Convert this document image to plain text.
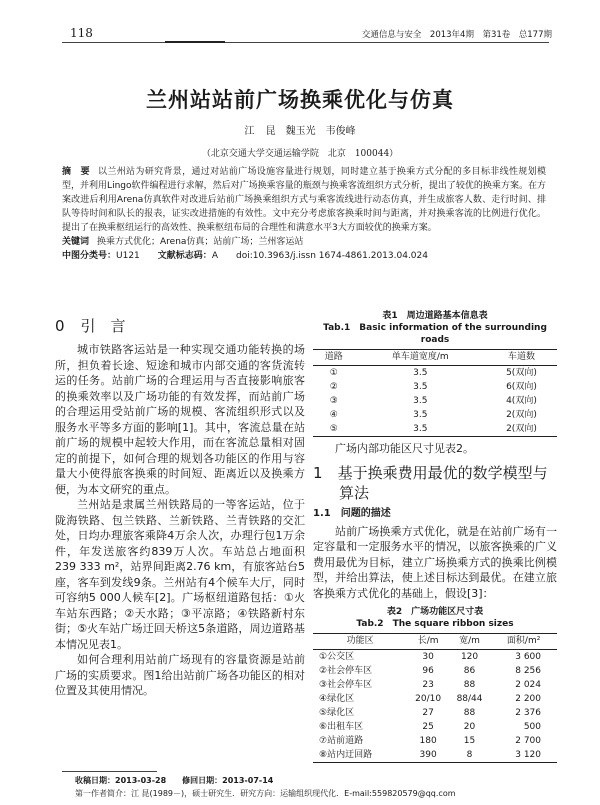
118	交通信息与安全　2013年4期　第31卷　总177期
兰州站站前广场换乘优化与仿真
江 昆　魏玉光　韦俊峰
（北京交通大学交通运输学院　北京　100044）
摘　要 以兰州站为研究背景，通过对站前广场设施容量进行规划，同时建立基于换乘方式分配的多目标非线性规划模型，并利用Lingo软件编程进行求解，然后对广场换乘容量的瓶颈与换乘客流组织方式分析，提出了较优的换乘方案。在方案改进后利用Arena仿真软件对改进后站前广场换乘组织方式与乘客流线进行动态仿真，并生成旅客人数、走行时间、排队等待时间和队长的报表，证实改进措施的有效性。文中充分考虑旅客换乘时间与距离，并对换乘客流的比例进行优化。提出了在换乘枢纽运行的高效性、换乘枢纽布局的合理性和满意水平3大方面较优的换乘方案。
关键词 换乘方式优化；Arena仿真；站前广场；兰州客运站
中图分类号：U121　　 文献标志码：A　　 doi:10.3963/j.issn 1674-4861.2013.04.024
0 引　言

城市铁路客运站是一种实现交通功能转换的场所，担负着长途、短途和城市内部交通的客货流转运的任务。站前广场的合理运用与否直接影响旅客的换乘效率以及广场功能的有效发挥，而站前广场的合理运用受站前广场的规模、客流组织形式以及服务水平等多方面的影响[1]。其中，客流总量在站前广场的规模中起较大作用，而在客流总量相对固定的前提下，如何合理的规划各功能区的作用与容量大小使得旅客换乘的时间短、距离近以及换乘方便，为本文研究的重点。

兰州站是隶属兰州铁路局的一等客运站，位于陇海铁路、包兰铁路、兰新铁路、兰青铁路的交汇处，日均办理旅客乘降4万余人次，办理行包1万余件，年发送旅客约839万人次。车站总占地面积239 333 m²，站界间距离2.76 km，有旅客站台5座，客车到发线9条。兰州站有4个候车大厅，同时可容纳5 000人候车[2]。广场枢纽道路包括：①火车站东西路；②天水路；③平凉路；④铁路新村东街；⑤火车站广场迂回天桥这5条道路，周边道路基本情况见表1。

如何合理利用站前广场现有的容量资源是站前广场的实质要求。图1给出站前广场各功能区的相对位置及其使用情况。

表1　周边道路基本信息表
Tab.1　Basic information of the surrounding roads
道路	单车道宽度/m	车道数
①	3.5	5(双向)
②	3.5	6(双向)
③	3.5	4(双向)
④	3.5	2(双向)
⑤	3.5	2(双向)

广场内部功能区尺寸见表2。

1　 基于换乘费用最优的数学模型与算法
1.1　 问题的描述

站前广场换乘方式优化，就是在站前广场有一定容量和一定服务水平的情况，以旅客换乘的广义费用最优为目标，建立广场换乘方式的换乘比例模型，并给出算法，使上述目标达到最优。在建立旅客换乘方式优化的基础上，假设[3]：

表2　广场功能区尺寸表
Tab.2　The square ribbon sizes
功能区	长/m	宽/m	面积/m²
①公交区	30	120	3 600
②社会停车区	96	86	8 256
③社会停车区	23	88	2 024
④绿化区	20/10	88/44	2 200
⑤绿化区	27	88	2 376
⑥出租车区	25	20	500
⑦站前道路	180	15	2 700
⑧站内迂回路	390	8	3 120
收稿日期：2013-03-28　　 修回日期：2013-07-14
第一作者简介：江 昆(1989－)，硕士研究生．研究方向：运输组织现代化．E-mail:559820579@qq.com
